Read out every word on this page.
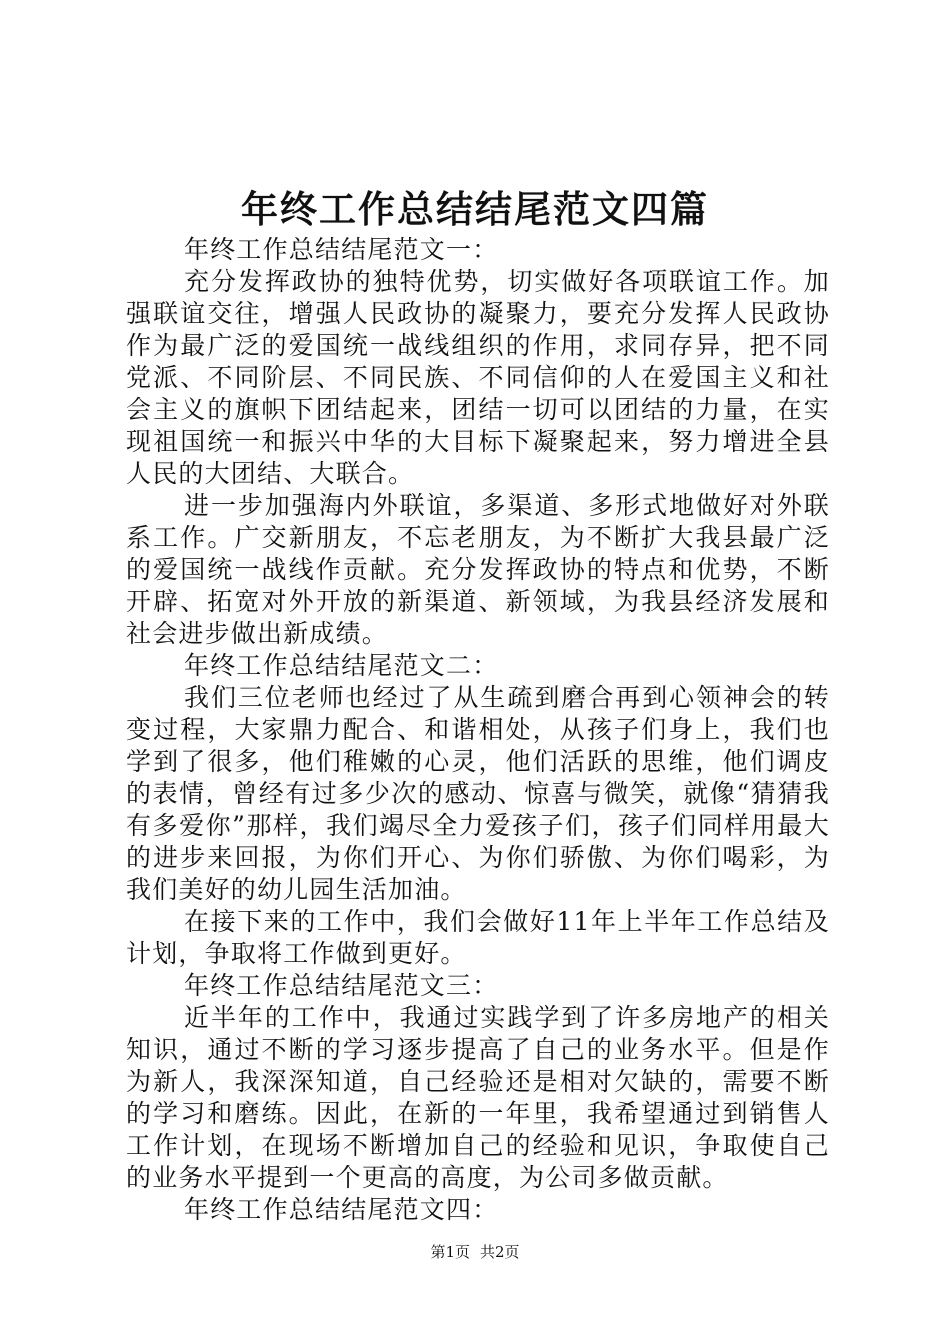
年终工作总结结尾范文四篇

年终工作总结结尾范文一：

充分发挥政协的独特优势，切实做好各项联谊工作。加强联谊交往，增强人民政协的凝聚力，要充分发挥人民政协作为最广泛的爱国统一战线组织的作用，求同存异，把不同党派、不同阶层、不同民族、不同信仰的人在爱国主义和社会主义的旗帜下团结起来，团结一切可以团结的力量，在实现祖国统一和振兴中华的大目标下凝聚起来，努力增进全县人民的大团结、大联合。

进一步加强海内外联谊，多渠道、多形式地做好对外联系工作。广交新朋友，不忘老朋友，为不断扩大我县最广泛的爱国统一战线作贡献。充分发挥政协的特点和优势，不断开辟、拓宽对外开放的新渠道、新领域，为我县经济发展和社会进步做出新成绩。

年终工作总结结尾范文二：

我们三位老师也经过了从生疏到磨合再到心领神会的转变过程，大家鼎力配合、和谐相处，从孩子们身上，我们也学到了很多，他们稚嫩的心灵，他们活跃的思维，他们调皮的表情，曾经有过多少次的感动、惊喜与微笑，就像“猜猜我有多爱你”那样，我们竭尽全力爱孩子们，孩子们同样用最大的进步来回报，为你们开心、为你们骄傲、为你们喝彩，为我们美好的幼儿园生活加油。

在接下来的工作中，我们会做好11年上半年工作总结及计划，争取将工作做到更好。

年终工作总结结尾范文三：

近半年的工作中，我通过实践学到了许多房地产的相关知识，通过不断的学习逐步提高了自己的业务水平。但是作为新人，我深深知道，自己经验还是相对欠缺的，需要不断的学习和磨练。因此，在新的一年里，我希望通过到销售人工作计划，在现场不断增加自己的经验和见识，争取使自己的业务水平提到一个更高的高度，为公司多做贡献。

年终工作总结结尾范文四：

第1页 共2页
